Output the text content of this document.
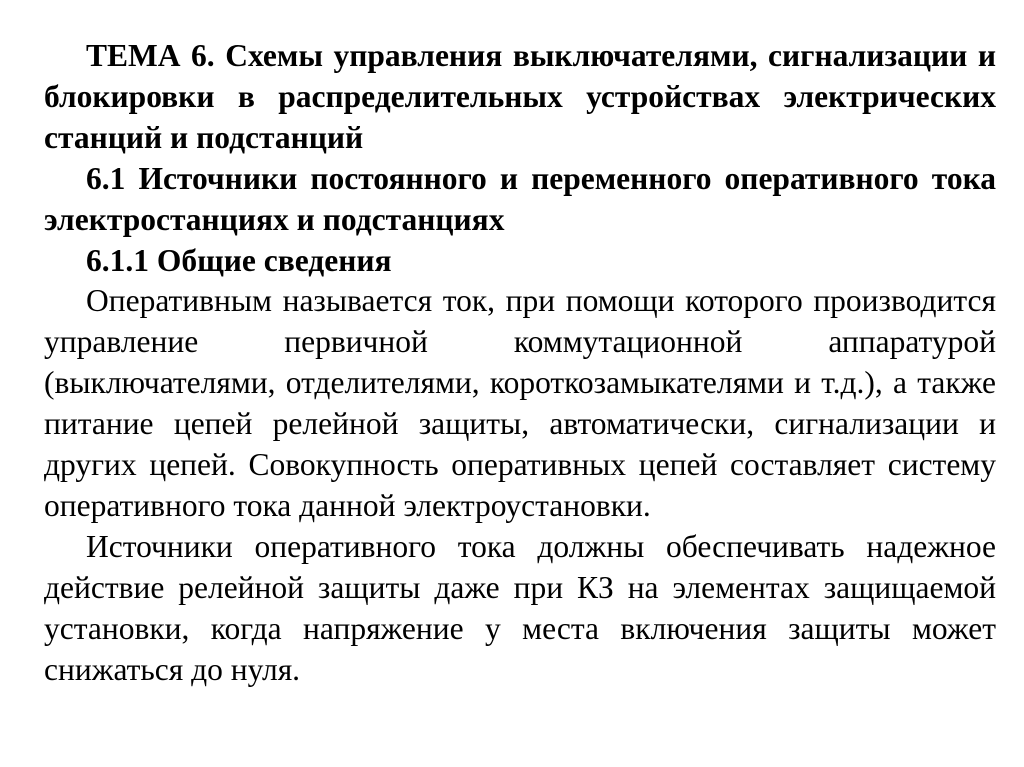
ТЕМА 6. Схемы управления выключателями, сигнализации и блокировки в распределительных устройствах электрических станций и подстанций

6.1 Источники постоянного и переменного оперативного тока электростанциях и подстанциях

6.1.1 Общие сведения

Оперативным называется ток, при помощи которого производится управление первичной коммутационной аппаратурой (выключателями, отделителями, короткозамыкателями и т.д.), а также питание цепей релейной защиты, автоматически, сигнализации и других цепей. Совокупность оперативных цепей составляет систему оперативного тока данной электроустановки.

Источники оперативного тока должны обеспечивать надежное действие релейной защиты даже при КЗ на элементах защищаемой установки, когда напряжение у места включения защиты может снижаться до нуля.
